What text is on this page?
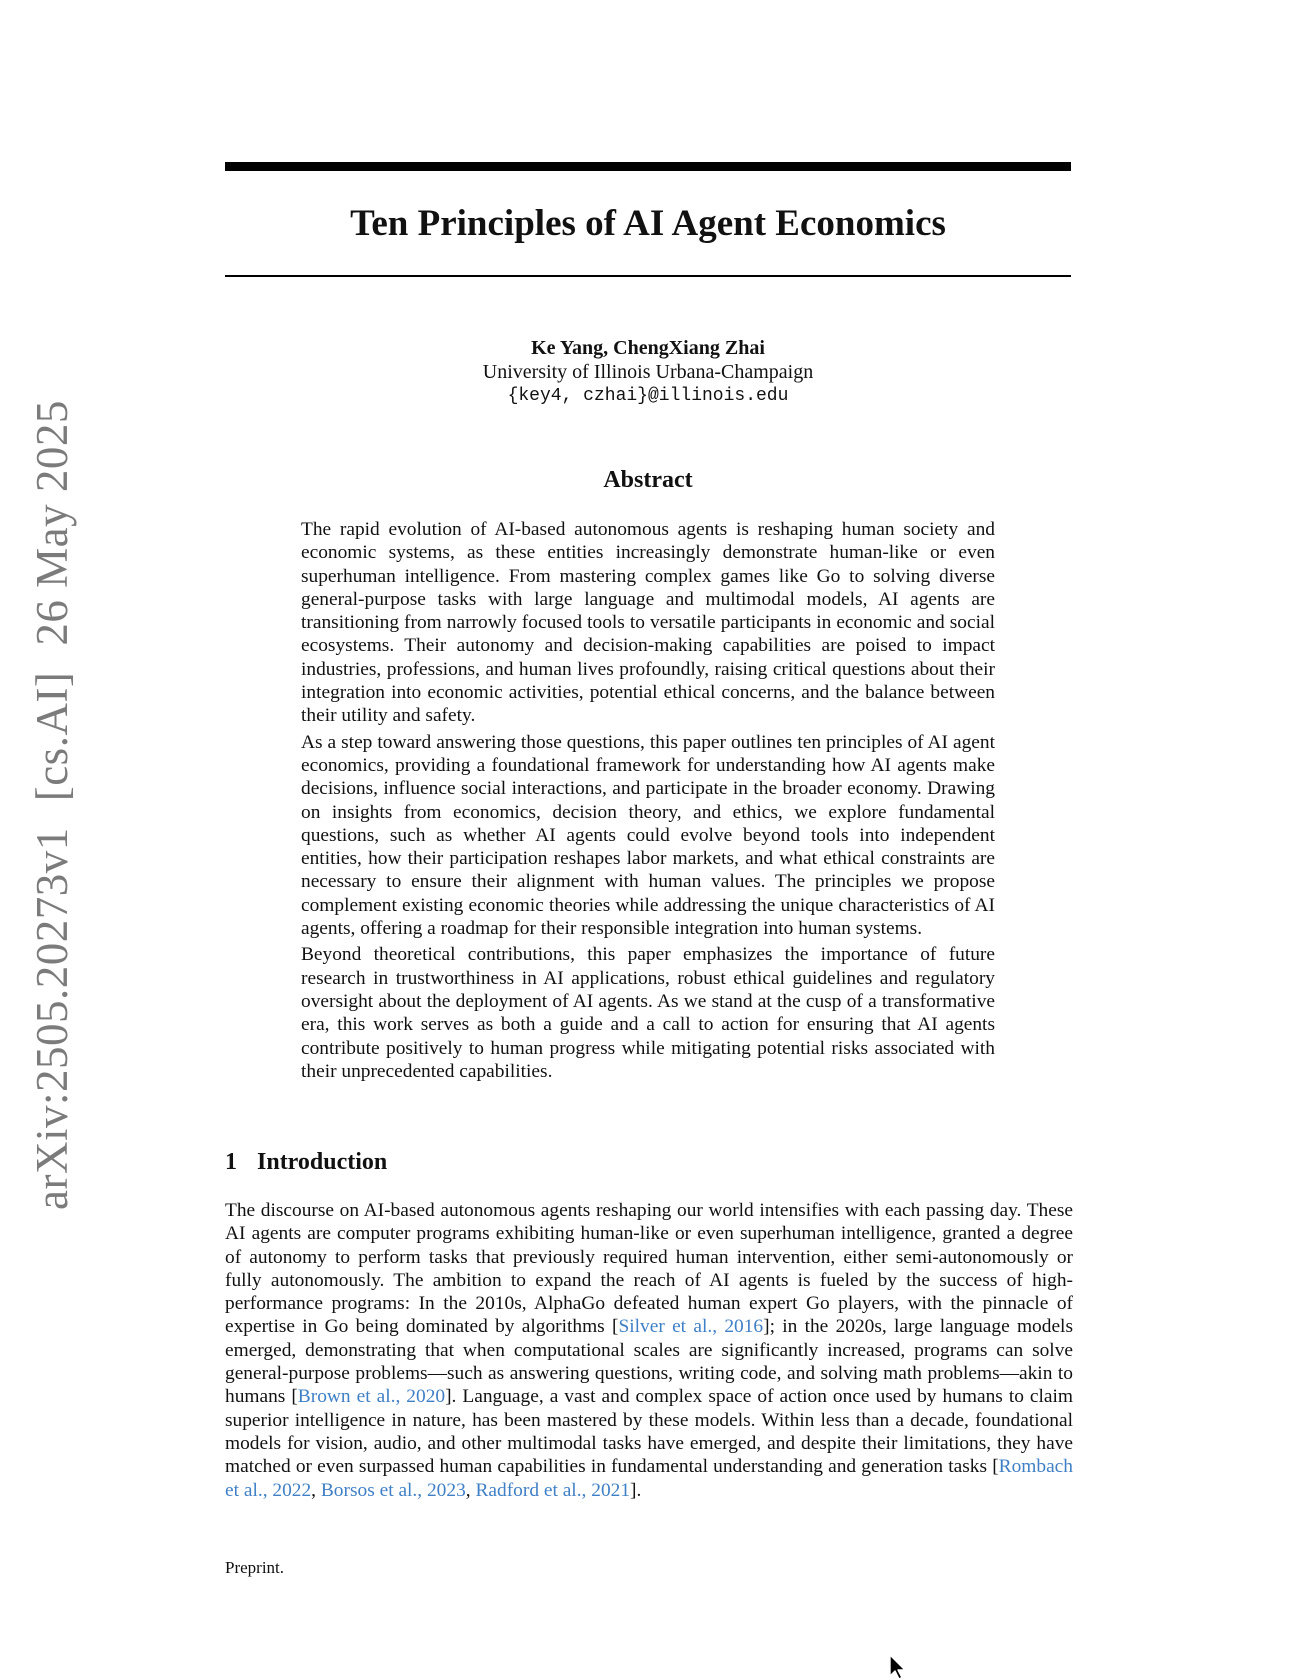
arXiv:2505.20273v1[cs.AI]26 May 2025
Ten Principles of AI Agent Economics
Ke Yang, ChengXiang Zhai
University of Illinois Urbana-Champaign
{key4, czhai}@illinois.edu
Abstract

The rapid evolution of AI-based autonomous agents is reshaping human society and economic systems, as these entities increasingly demonstrate human-like or even superhuman intelligence. From mastering complex games like Go to solving diverse general-purpose tasks with large language and multimodal models, AI agents are transitioning from narrowly focused tools to versatile participants in economic and social ecosystems. Their autonomy and decision-making capabilities are poised to impact industries, professions, and human lives profoundly, raising critical questions about their integration into economic activities, potential ethical concerns, and the balance between their utility and safety.

As a step toward answering those questions, this paper outlines ten principles of AI agent economics, providing a foundational framework for understanding how AI agents make decisions, influence social interactions, and participate in the broader economy. Drawing on insights from economics, decision theory, and ethics, we explore fundamental questions, such as whether AI agents could evolve beyond tools into independent entities, how their participation reshapes labor markets, and what ethical constraints are necessary to ensure their alignment with human values. The principles we propose complement existing economic theories while addressing the unique characteristics of AI agents, offering a roadmap for their responsible integration into human systems.

Beyond theoretical contributions, this paper emphasizes the importance of future research in trustworthiness in AI applications, robust ethical guidelines and regulatory oversight about the deployment of AI agents. As we stand at the cusp of a transformative era, this work serves as both a guide and a call to action for ensuring that AI agents contribute positively to human progress while mitigating potential risks associated with their unprecedented capabilities.

1 Introduction

The discourse on AI-based autonomous agents reshaping our world intensifies with each passing day. These AI agents are computer programs exhibiting human-like or even superhuman intelligence, granted a degree of autonomy to perform tasks that previously required human intervention, either semi-autonomously or fully autonomously. The ambition to expand the reach of AI agents is fueled by the success of high-performance programs: In the 2010s, AlphaGo defeated human expert Go players, with the pinnacle of expertise in Go being dominated by algorithms [Silver et al., 2016]; in the 2020s, large language models emerged, demonstrating that when computational scales are significantly increased, programs can solve general-purpose problems—such as answering questions, writing code, and solving math problems—akin to humans [Brown et al., 2020]. Language, a vast and complex space of action once used by humans to claim superior intelligence in nature, has been mastered by these models. Within less than a decade, foundational models for vision, audio, and other multimodal tasks have emerged, and despite their limitations, they have matched or even surpassed human capabilities in fundamental understanding and generation tasks [Rombach et al., 2022, Borsos et al., 2023, Radford et al., 2021].

Preprint.
